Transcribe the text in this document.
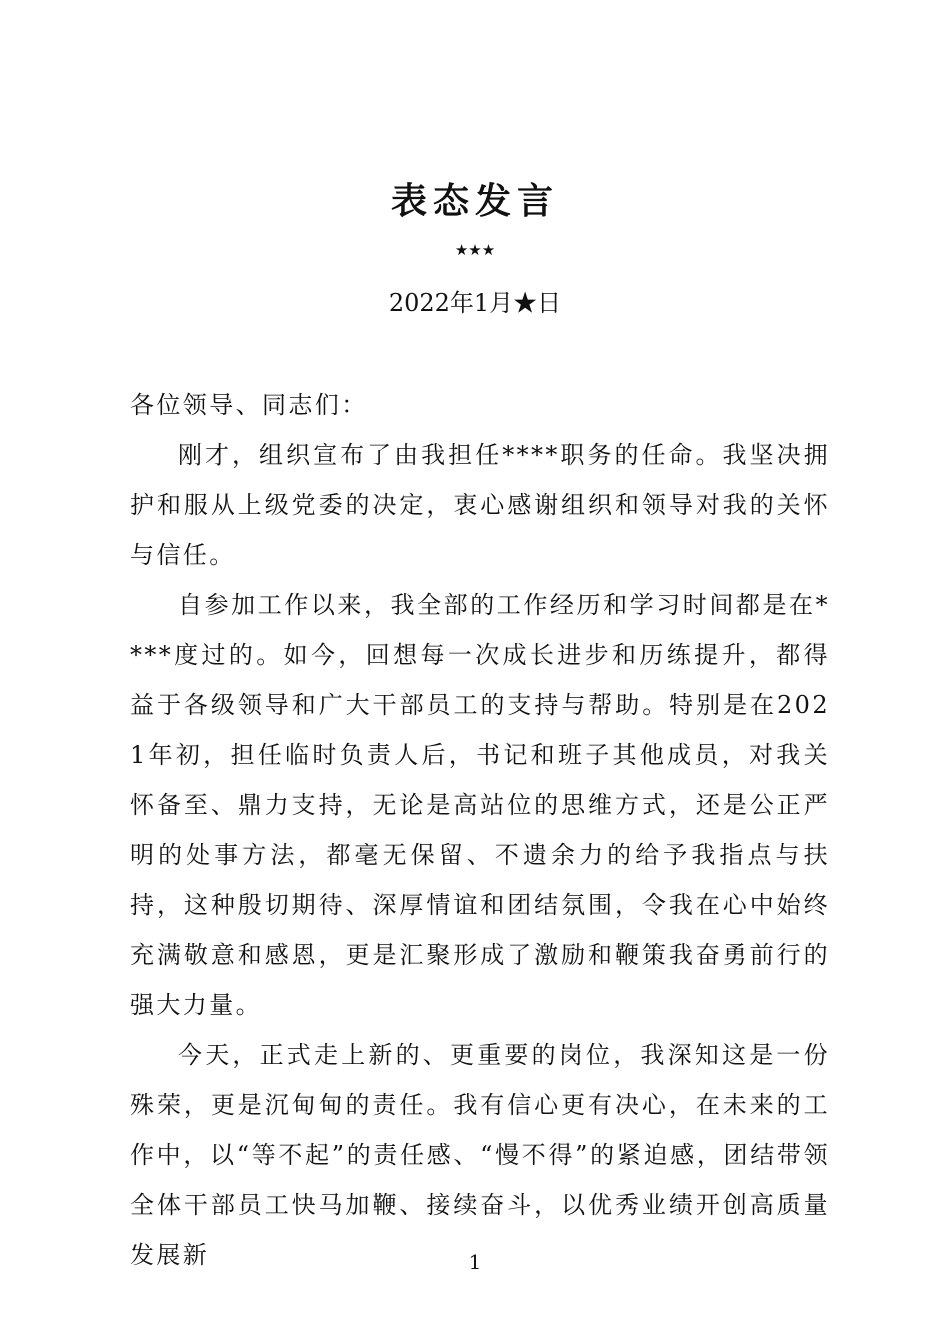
表态发言
★★★
2022年1月★日

各位领导、同志们：

刚才，组织宣布了由我担任****职务的任命。我坚决拥护和服从上级党委的决定，衷心感谢组织和领导对我的关怀与信任。

自参加工作以来，我全部的工作经历和学习时间都是在****度过的。如今，回想每一次成长进步和历练提升，都得益于各级领导和广大干部员工的支持与帮助。特别是在2021年初，担任临时负责人后，书记和班子其他成员，对我关怀备至、鼎力支持，无论是高站位的思维方式，还是公正严明的处事方法，都毫无保留、不遗余力的给予我指点与扶持，这种殷切期待、深厚情谊和团结氛围，令我在心中始终充满敬意和感恩，更是汇聚形成了激励和鞭策我奋勇前行的强大力量。

今天，正式走上新的、更重要的岗位，我深知这是一份殊荣，更是沉甸甸的责任。我有信心更有决心，在未来的工作中，以“等不起”的责任感、“慢不得”的紧迫感，团结带领全体干部员工快马加鞭、接续奋斗，以优秀业绩开创高质量发展新	1
